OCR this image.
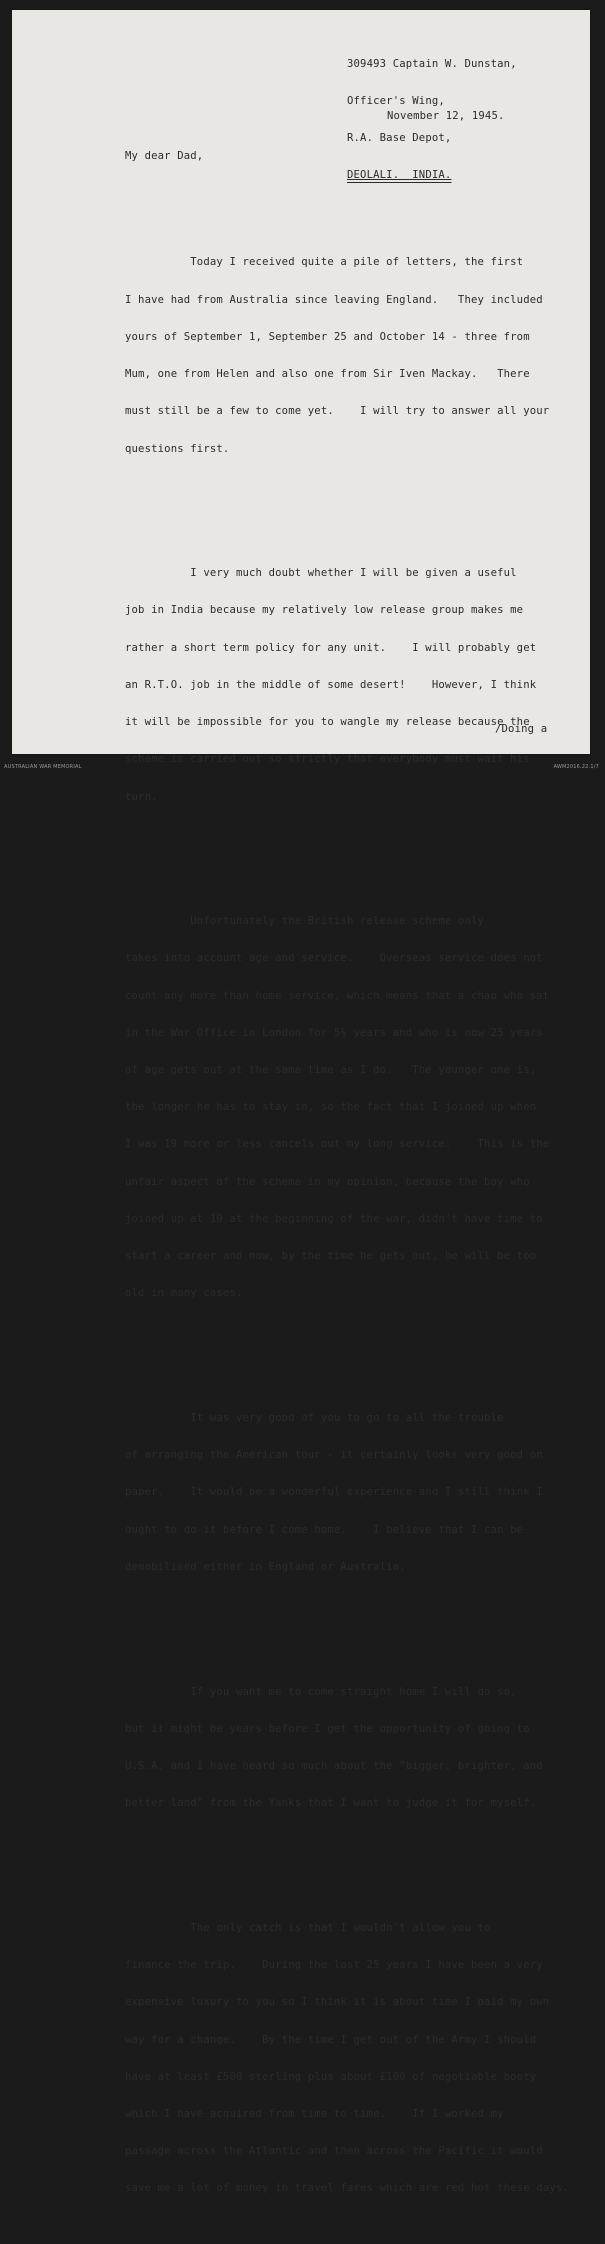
309493 Captain W. Dunstan,

Officer's Wing,

R.A. Base Depot,

DEOLALI.  INDIA.

November 12, 1945.
My dear Dad,

Today I received quite a pile of letters, the first

I have had from Australia since leaving England.   They included

yours of September 1, September 25 and October 14 - three from

Mum, one from Helen and also one from Sir Iven Mackay.   There

must still be a few to come yet.    I will try to answer all your

questions first.

I very much doubt whether I will be given a useful

job in India because my relatively low release group makes me

rather a short term policy for any unit.    I will probably get

an R.T.O. job in the middle of some desert!    However, I think

it will be impossible for you to wangle my release because the

scheme is carried out so strictly that everybody must wait his

turn.

Unfortunately the British release scheme only

takes into account age and service.    Overseas service does not

count any more than home service, which means that a chap who sat

in the War Office in London for 5½ years and who is now 25 years

of age gets out at the same time as I do.   The younger one is,

the longer he has to stay in, so the fact that I joined up when

I was 19 more or less cancels out my long service.    This is the

unfair aspect of the scheme in my opinion, because the boy who

joined up at 19 at the beginning of the war, didn't have time to

start a career and now, by the time he gets out, he will be too

old in many cases.

It was very good of you to go to all the trouble

of arranging the American tour - it certainly looks very good on

paper.    It would be a wonderful experience and I still think I

ought to do it before I come home.    I believe that I can be

demobilised either in England or Australia.

If you want me to come straight home I will do so,

but it might be years before I get the opportunity of going to

U.S.A. and I have heard so much about the "bigger, brighter, and

better land" from the Yanks that I want to judge it for myself.

The only catch is that I wouldn't allow you to

finance the trip.    During the last 25 years I have been a very

expensive luxury to you so I think it is about time I paid my own

way for a change.    By the time I get out of the Army I should

have at least £500 sterling plus about £100 of negotiable booty

which I have acquired from time to time.    If I worked my

passage across the Atlantic and then across the Pacific it would

save me a lot of money in travel fares which are red hot these days.

/Doing a
AUSTRALIAN WAR MEMORIAL	AWM2016.22.1/7
